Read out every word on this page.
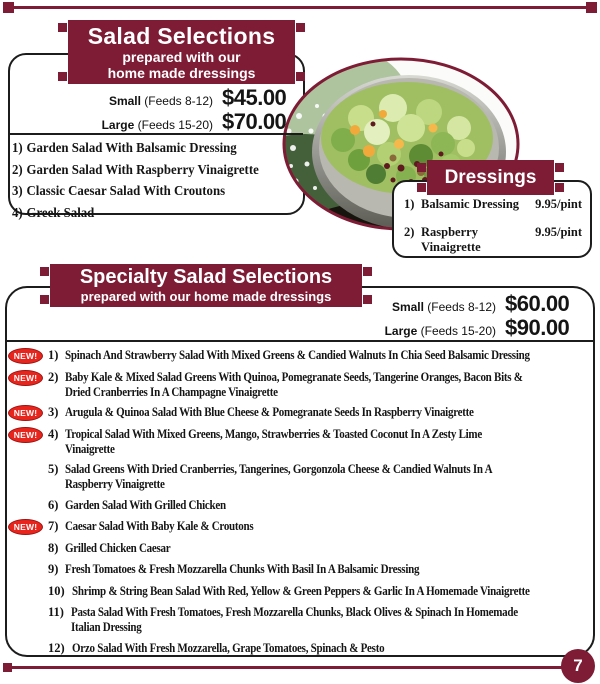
Salad Selections
prepared with our
home made dressings
Small (Feeds 8-12) $45.00
Large (Feeds 15-20) $70.00
1) Garden Salad With Balsamic Dressing
2) Garden Salad With Raspberry Vinaigrette
3) Classic Caesar Salad With Croutons
4) Greek Salad
Dressings
1) Balsamic Dressing	9.95/pint
2) Raspberry Vinaigrette
9.95/pint
Specialty Salad Selections
prepared with our home made dressings
Small (Feeds 8-12) $60.00
Large (Feeds 15-20) $90.00
NEW! 1) Spinach And Strawberry Salad With Mixed Greens & Candied Walnuts In Chia Seed Balsamic Dressing
NEW! 2) Baby Kale & Mixed Salad Greens With Quinoa, Pomegranate Seeds, Tangerine Oranges, Bacon Bits &
Dried Cranberries In A Champagne Vinaigrette
NEW! 3) Arugula & Quinoa Salad With Blue Cheese & Pomegranate Seeds In Raspberry Vinaigrette
NEW! 4) Tropical Salad With Mixed Greens, Mango, Strawberries & Toasted Coconut In A Zesty Lime
Vinaigrette
5) Salad Greens With Dried Cranberries, Tangerines, Gorgonzola Cheese & Candied Walnuts In A
Raspberry Vinaigrette
6) Garden Salad With Grilled Chicken
NEW! 7) Caesar Salad With Baby Kale & Croutons
8) Grilled Chicken Caesar
9) Fresh Tomatoes & Fresh Mozzarella Chunks With Basil In A Balsamic Dressing
10) Shrimp & String Bean Salad With Red, Yellow & Green Peppers & Garlic In A Homemade Vinaigrette
11) Pasta Salad With Fresh Tomatoes, Fresh Mozzarella Chunks, Black Olives & Spinach In Homemade
Italian Dressing
12) Orzo Salad With Fresh Mozzarella, Grape Tomatoes, Spinach & Pesto
7
